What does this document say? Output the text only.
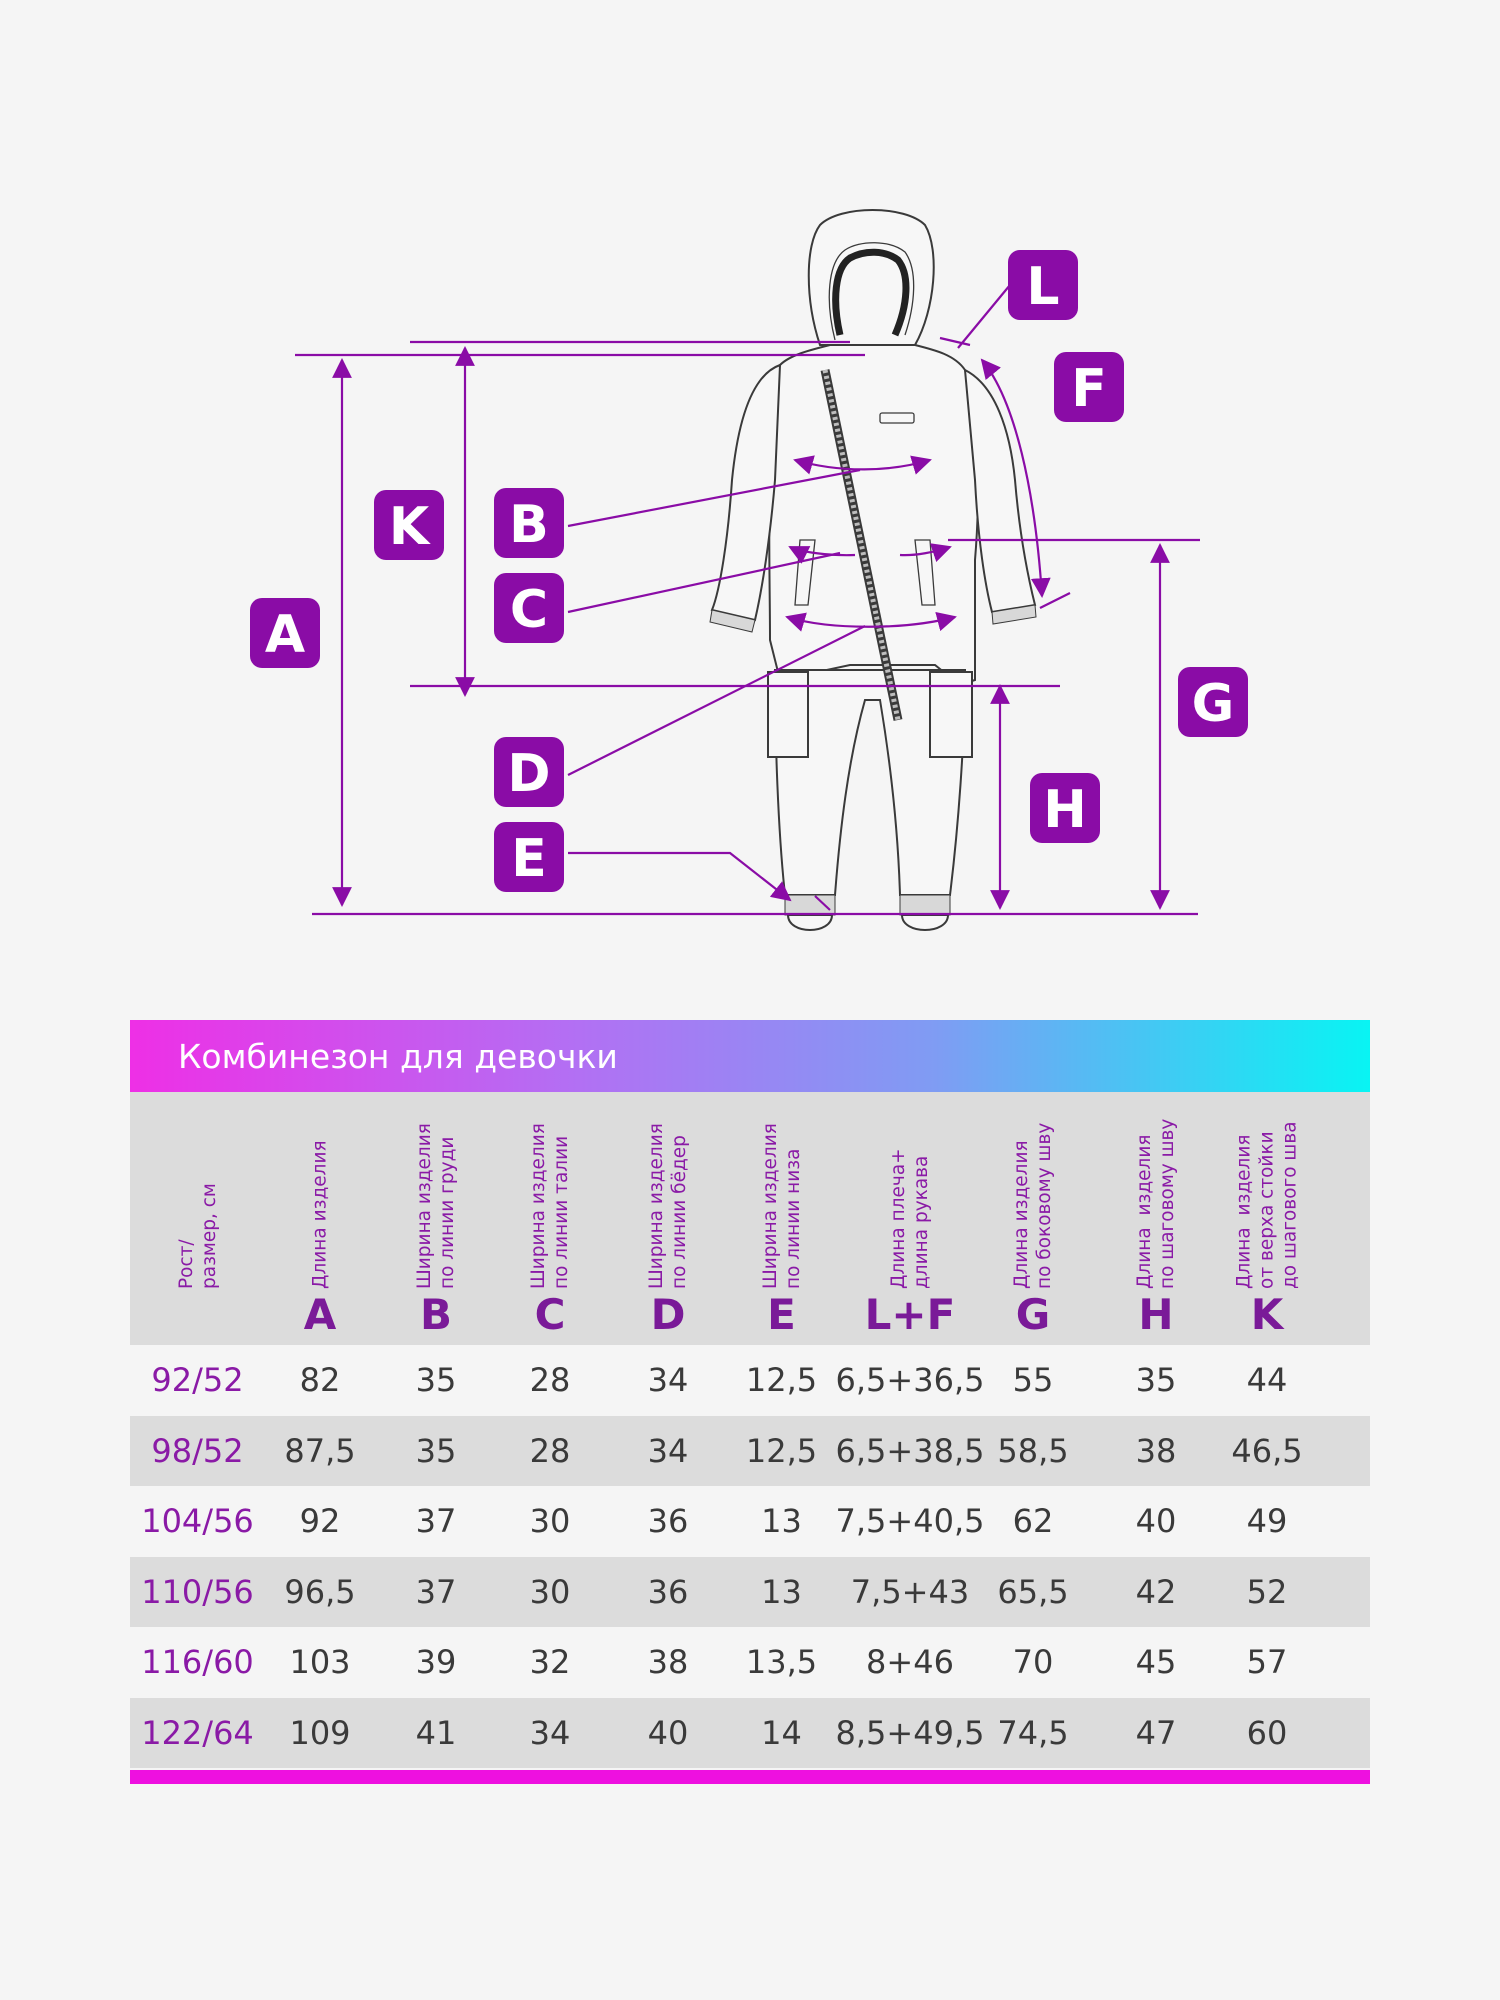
L
F
K B
C
A
G
D
H
E
Комбинезон для девочки
Рост/
размер, см	Длина изделия
A
Ширина изделия
по линии груди
B
Ширина изделия
по линии талии
C
Ширина изделия
по линии бёдер
D
Ширина изделия
по линии низа
E
Длина плеча+
длина рукава
L+F
Длина изделия
по боковому шву
G
Длина  изделия
по шаговому шву
H
Длина  изделия
от верха стойки
до шагового шва
K
92/52	82	35	28	34	12,5 6,5+36,5 55	35	44
98/52	87,5	35	28	34	12,5 6,5+38,5 58,5	38	46,5
104/56	92	37	30	36	13	7,5+40,5 62	40	49
110/56 96,5	37	30	36	13	7,5+43 65,5	42	52
116/60	103	39	32	38	13,5	8+46	70	45	57
122/64	109	41	34	40	14	8,5+49,5 74,5	47	60
